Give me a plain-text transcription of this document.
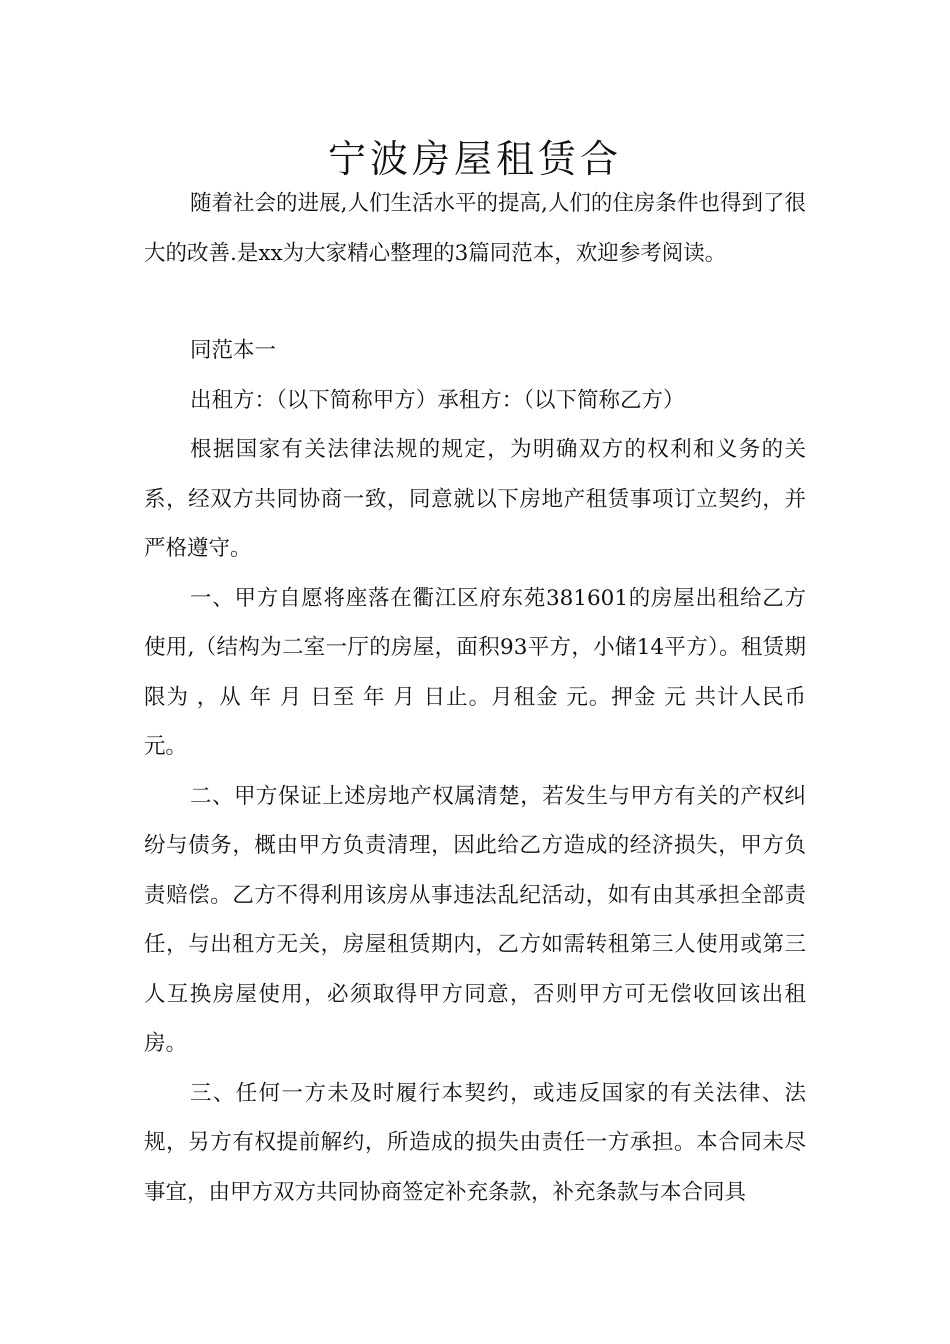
宁波房屋租赁合

随着社会的进展,人们生活水平的提高,人们的住房条件也得到了很大的改善.是xx为大家精心整理的3篇同范本，欢迎参考阅读。

同范本一

出租方：（以下简称甲方）承租方：（以下简称乙方）

根据国家有关法律法规的规定，为明确双方的权利和义务的关系，经双方共同协商一致，同意就以下房地产租赁事项订立契约，并严格遵守。

一、甲方自愿将座落在衢江区府东苑381601的房屋出租给乙方使用,（结构为二室一厅的房屋，面积93平方，小储14平方）。租赁期限为 ，从 年 月 日至 年 月 日止。月租金 元。押金 元 共计人民币 元。

二、甲方保证上述房地产权属清楚，若发生与甲方有关的产权纠纷与债务，概由甲方负责清理，因此给乙方造成的经济损失，甲方负责赔偿。乙方不得利用该房从事违法乱纪活动，如有由其承担全部责任，与出租方无关，房屋租赁期内，乙方如需转租第三人使用或第三人互换房屋使用，必须取得甲方同意，否则甲方可无偿收回该出租房。

三、任何一方未及时履行本契约，或违反国家的有关法律、法规，另方有权提前解约，所造成的损失由责任一方承担。本合同未尽事宜，由甲方双方共同协商签定补充条款，补充条款与本合同具
